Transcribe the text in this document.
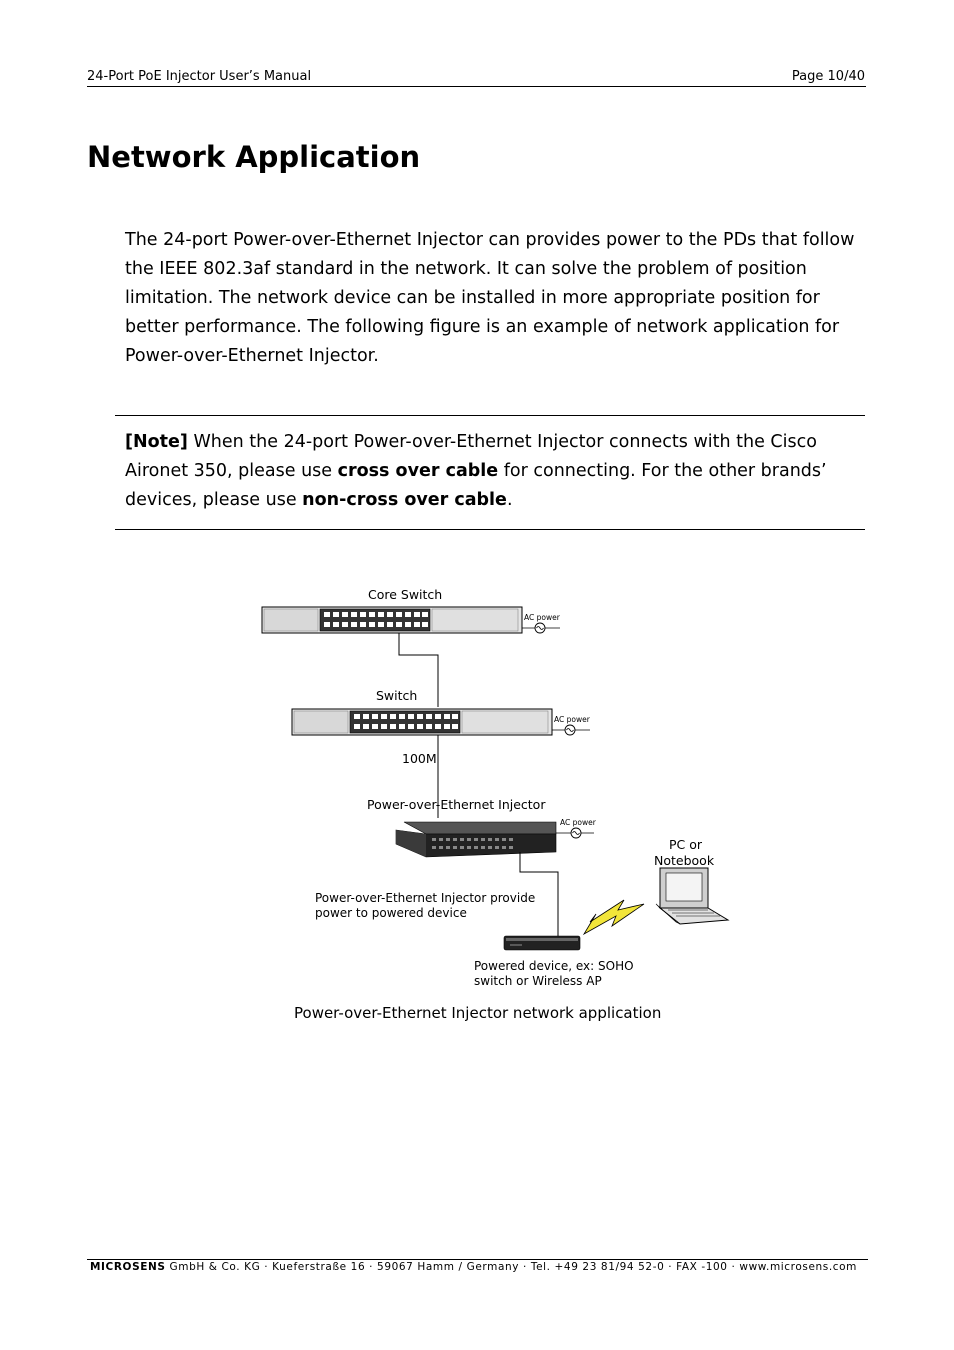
24-Port PoE Injector User’s Manual	Page 10/40
Network Application

The 24-port Power-over-Ethernet Injector can provides power to the PDs that follow the IEEE 802.3af standard in the network. It can solve the problem of position limitation. The network device can be installed in more appropriate position for better performance. The following figure is an example of network application for Power-over-Ethernet Injector.

[Note] When the 24-port Power-over-Ethernet Injector connects with the Cisco Aironet 350, please use cross over cable for connecting. For the other brands’ devices, please use non-cross over cable.

Core Switch
AC power
Switch
AC power
100M
Power-over-Ethernet Injector
AC power
Power-over-Ethernet Injector provide
power to powered device
Powered device, ex: SOHO
switch or Wireless AP
PC or
Notebook
Power-over-Ethernet Injector network application
MICROSENS GmbH & Co. KG · Kueferstraße 16 · 59067 Hamm / Germany · Tel. +49 23 81/94 52-0 · FAX -100 · www.microsens.com
